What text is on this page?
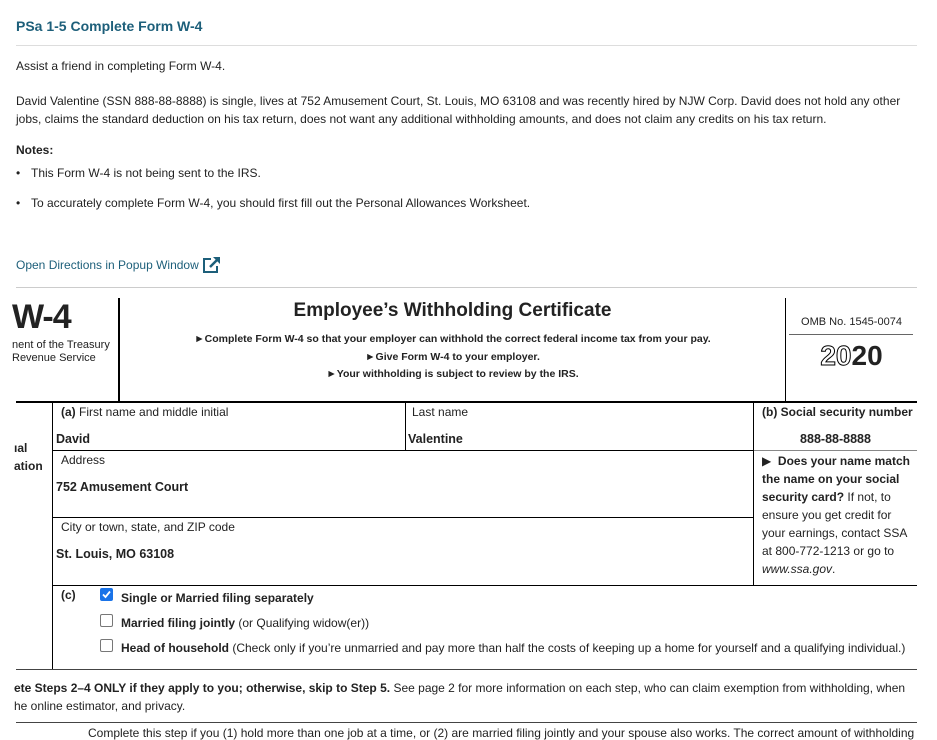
PSa 1-5 Complete Form W-4
Assist a friend in completing Form W-4.
David Valentine (SSN 888-88-8888) is single, lives at 752 Amusement Court, St. Louis, MO 63108 and was recently hired by NJW Corp. David does not hold any other
jobs, claims the standard deduction on his tax return, does not want any additional withholding amounts, and does not claim any credits on his tax return.
Notes:
• This Form W-4 is not being sent to the IRS.
• To accurately complete Form W-4, you should first fill out the Personal Allowances Worksheet.
Open Directions in Popup Window
W-4
nent of the Treasury
Revenue Service
Employee’s Withholding Certificate
►Complete Form W-4 so that your employer can withhold the correct federal income tax from your pay.
►Give Form W-4 to your employer.
►Your withholding is subject to review by the IRS.
OMB No. 1545-0074
2020
ıal
ation
(a) First name and middle initial
David
Last name
Valentine
(b) Social security number
888-88-8888
Address
752 Amusement Court
City or town, state, and ZIP code
St. Louis, MO 63108
▶ Does your name match the name on your social security card? If not, to ensure you get credit for your earnings, contact SSA at 800-772-1213 or go to www.ssa.gov.
(c)	Single or Married filing separately
Married filing jointly (or Qualifying widow(er))
Head of household (Check only if you’re unmarried and pay more than half the costs of keeping up a home for yourself and a qualifying individual.)
ete Steps 2–4 ONLY if they apply to you; otherwise, skip to Step 5. See page 2 for more information on each step, who can claim exemption from withholding, when
he online estimator, and privacy.
Complete this step if you (1) hold more than one job at a time, or (2) are married filing jointly and your spouse also works. The correct amount of withholding
